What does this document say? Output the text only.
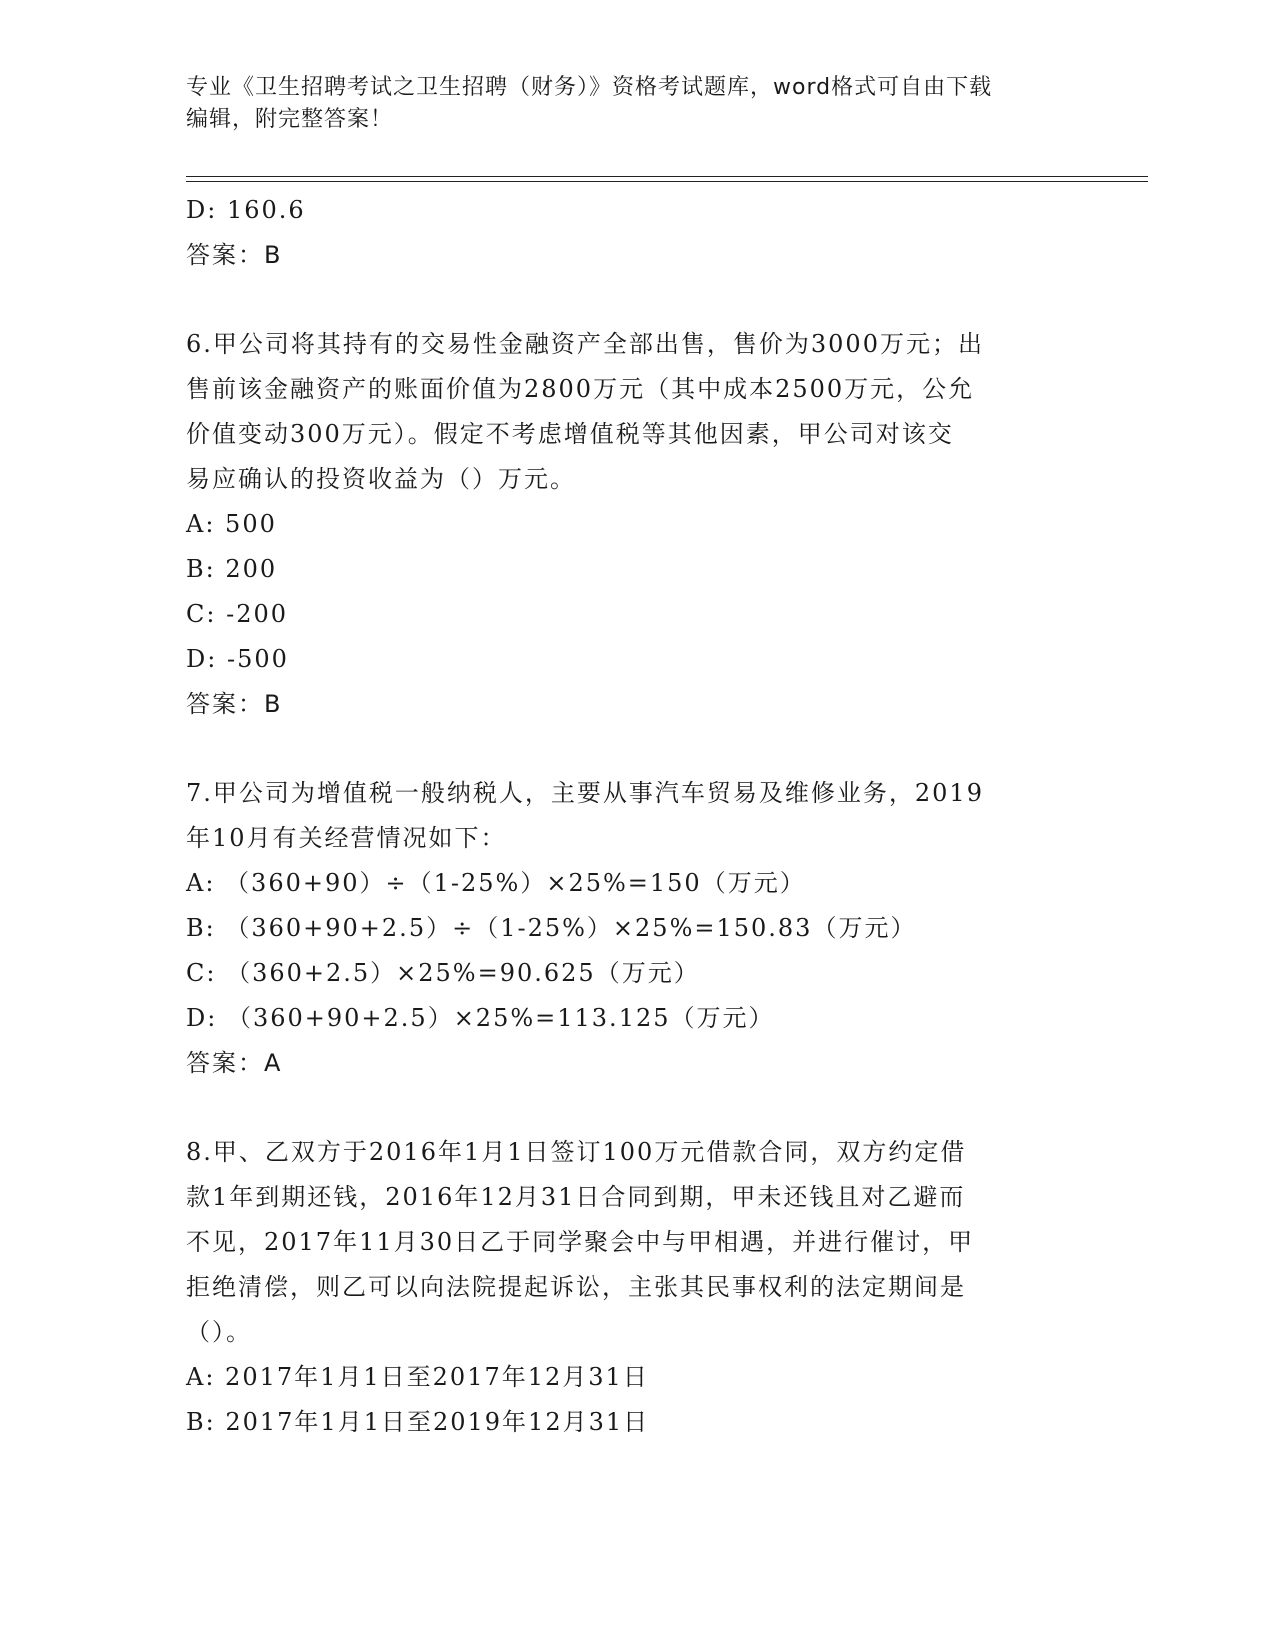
专业《卫生招聘考试之卫生招聘（财务）》资格考试题库，word格式可自由下载
编辑，附完整答案！
D: 160.6
答案：B
6.甲公司将其持有的交易性金融资产全部出售，售价为3000万元；出
售前该金融资产的账面价值为2800万元（其中成本2500万元，公允
价值变动300万元）。假定不考虑增值税等其他因素，甲公司对该交
易应确认的投资收益为（）万元。
A: 500
B: 200
C: -200
D: -500
答案：B
7.甲公司为增值税一般纳税人，主要从事汽车贸易及维修业务，2019
年10月有关经营情况如下：
A: （360+90）÷（1-25%）×25%=150（万元）
B: （360+90+2.5）÷（1-25%）×25%=150.83（万元）
C: （360+2.5）×25%=90.625（万元）
D: （360+90+2.5）×25%=113.125（万元）
答案：A
8.甲、乙双方于2016年1月1日签订100万元借款合同，双方约定借
款1年到期还钱，2016年12月31日合同到期，甲未还钱且对乙避而
不见，2017年11月30日乙于同学聚会中与甲相遇，并进行催讨，甲
拒绝清偿，则乙可以向法院提起诉讼，主张其民事权利的法定期间是
（）。
A: 2017年1月1日至2017年12月31日
B: 2017年1月1日至2019年12月31日
